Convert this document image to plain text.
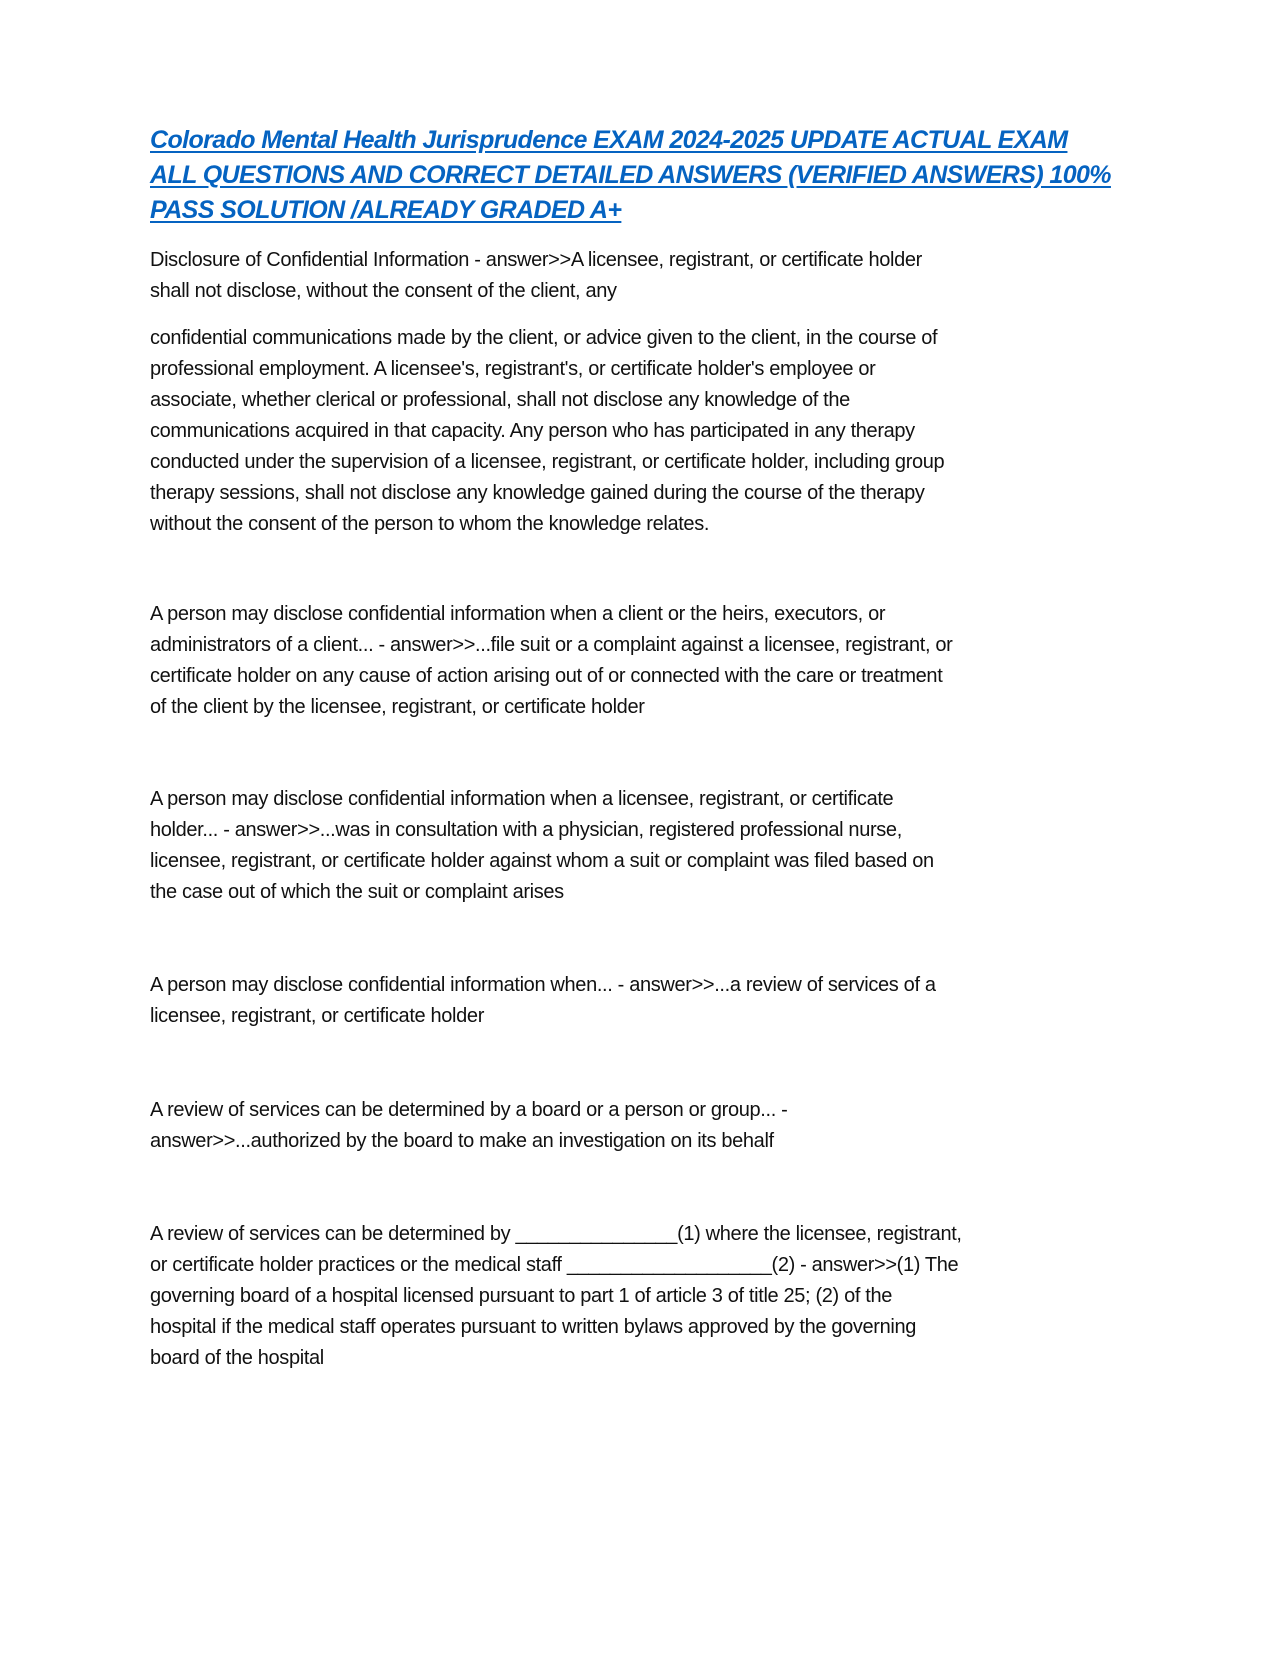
Colorado Mental Health Jurisprudence EXAM 2024-2025 UPDATE ACTUAL EXAM
ALL QUESTIONS AND CORRECT DETAILED ANSWERS (VERIFIED ANSWERS) 100%
PASS SOLUTION /ALREADY GRADED A+
Disclosure of Confidential Information - answer>>A licensee, registrant, or certificate holder
shall not disclose, without the consent of the client, any
confidential communications made by the client, or advice given to the client, in the course of
professional employment. A licensee's, registrant's, or certificate holder's employee or
associate, whether clerical or professional, shall not disclose any knowledge of the
communications acquired in that capacity. Any person who has participated in any therapy
conducted under the supervision of a licensee, registrant, or certificate holder, including group
therapy sessions, shall not disclose any knowledge gained during the course of the therapy
without the consent of the person to whom the knowledge relates.
A person may disclose confidential information when a client or the heirs, executors, or
administrators of a client... - answer>>...file suit or a complaint against a licensee, registrant, or
certificate holder on any cause of action arising out of or connected with the care or treatment
of the client by the licensee, registrant, or certificate holder
A person may disclose confidential information when a licensee, registrant, or certificate
holder... - answer>>...was in consultation with a physician, registered professional nurse,
licensee, registrant, or certificate holder against whom a suit or complaint was filed based on
the case out of which the suit or complaint arises
A person may disclose confidential information when... - answer>>...a review of services of a
licensee, registrant, or certificate holder
A review of services can be determined by a board or a person or group... -
answer>>...authorized by the board to make an investigation on its behalf
A review of services can be determined by _______________(1) where the licensee, registrant,
or certificate holder practices or the medical staff ___________________(2) - answer>>(1) The
governing board of a hospital licensed pursuant to part 1 of article 3 of title 25; (2) of the
hospital if the medical staff operates pursuant to written bylaws approved by the governing
board of the hospital
